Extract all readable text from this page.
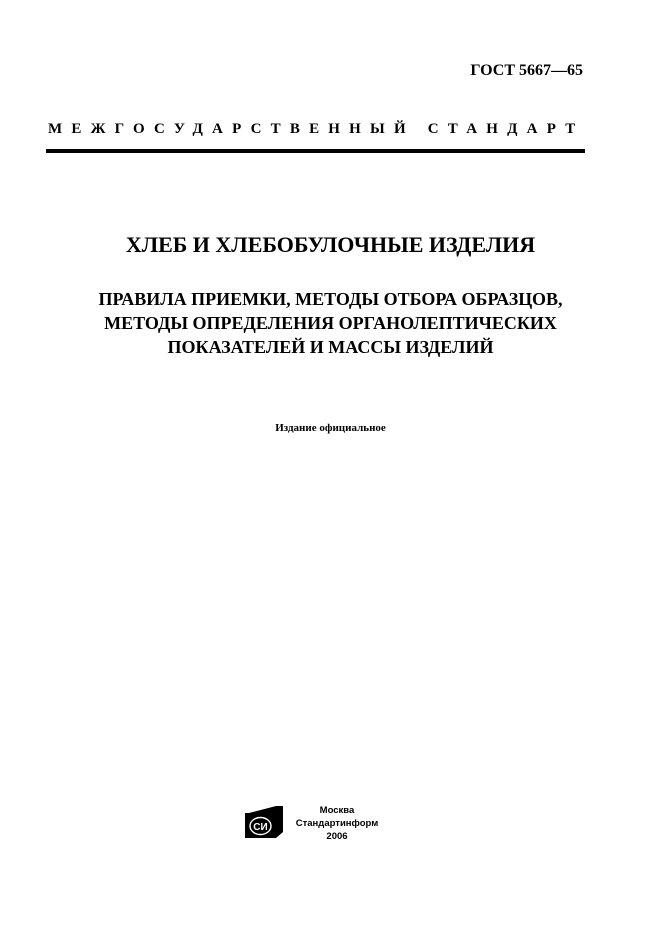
ГОСТ 5667—65
МЕЖГОСУДАРСТВЕННЫЙ СТАНДАРТ
ХЛЕБ И ХЛЕБОБУЛОЧНЫЕ ИЗДЕЛИЯ
ПРАВИЛА ПРИЕМКИ, МЕТОДЫ ОТБОРА ОБРАЗЦОВ,
МЕТОДЫ ОПРЕДЕЛЕНИЯ ОРГАНОЛЕПТИЧЕСКИХ
ПОКАЗАТЕЛЕЙ И МАССЫ ИЗДЕЛИЙ
Издание официальное
СИ
Москва
Стандартинформ
2006
